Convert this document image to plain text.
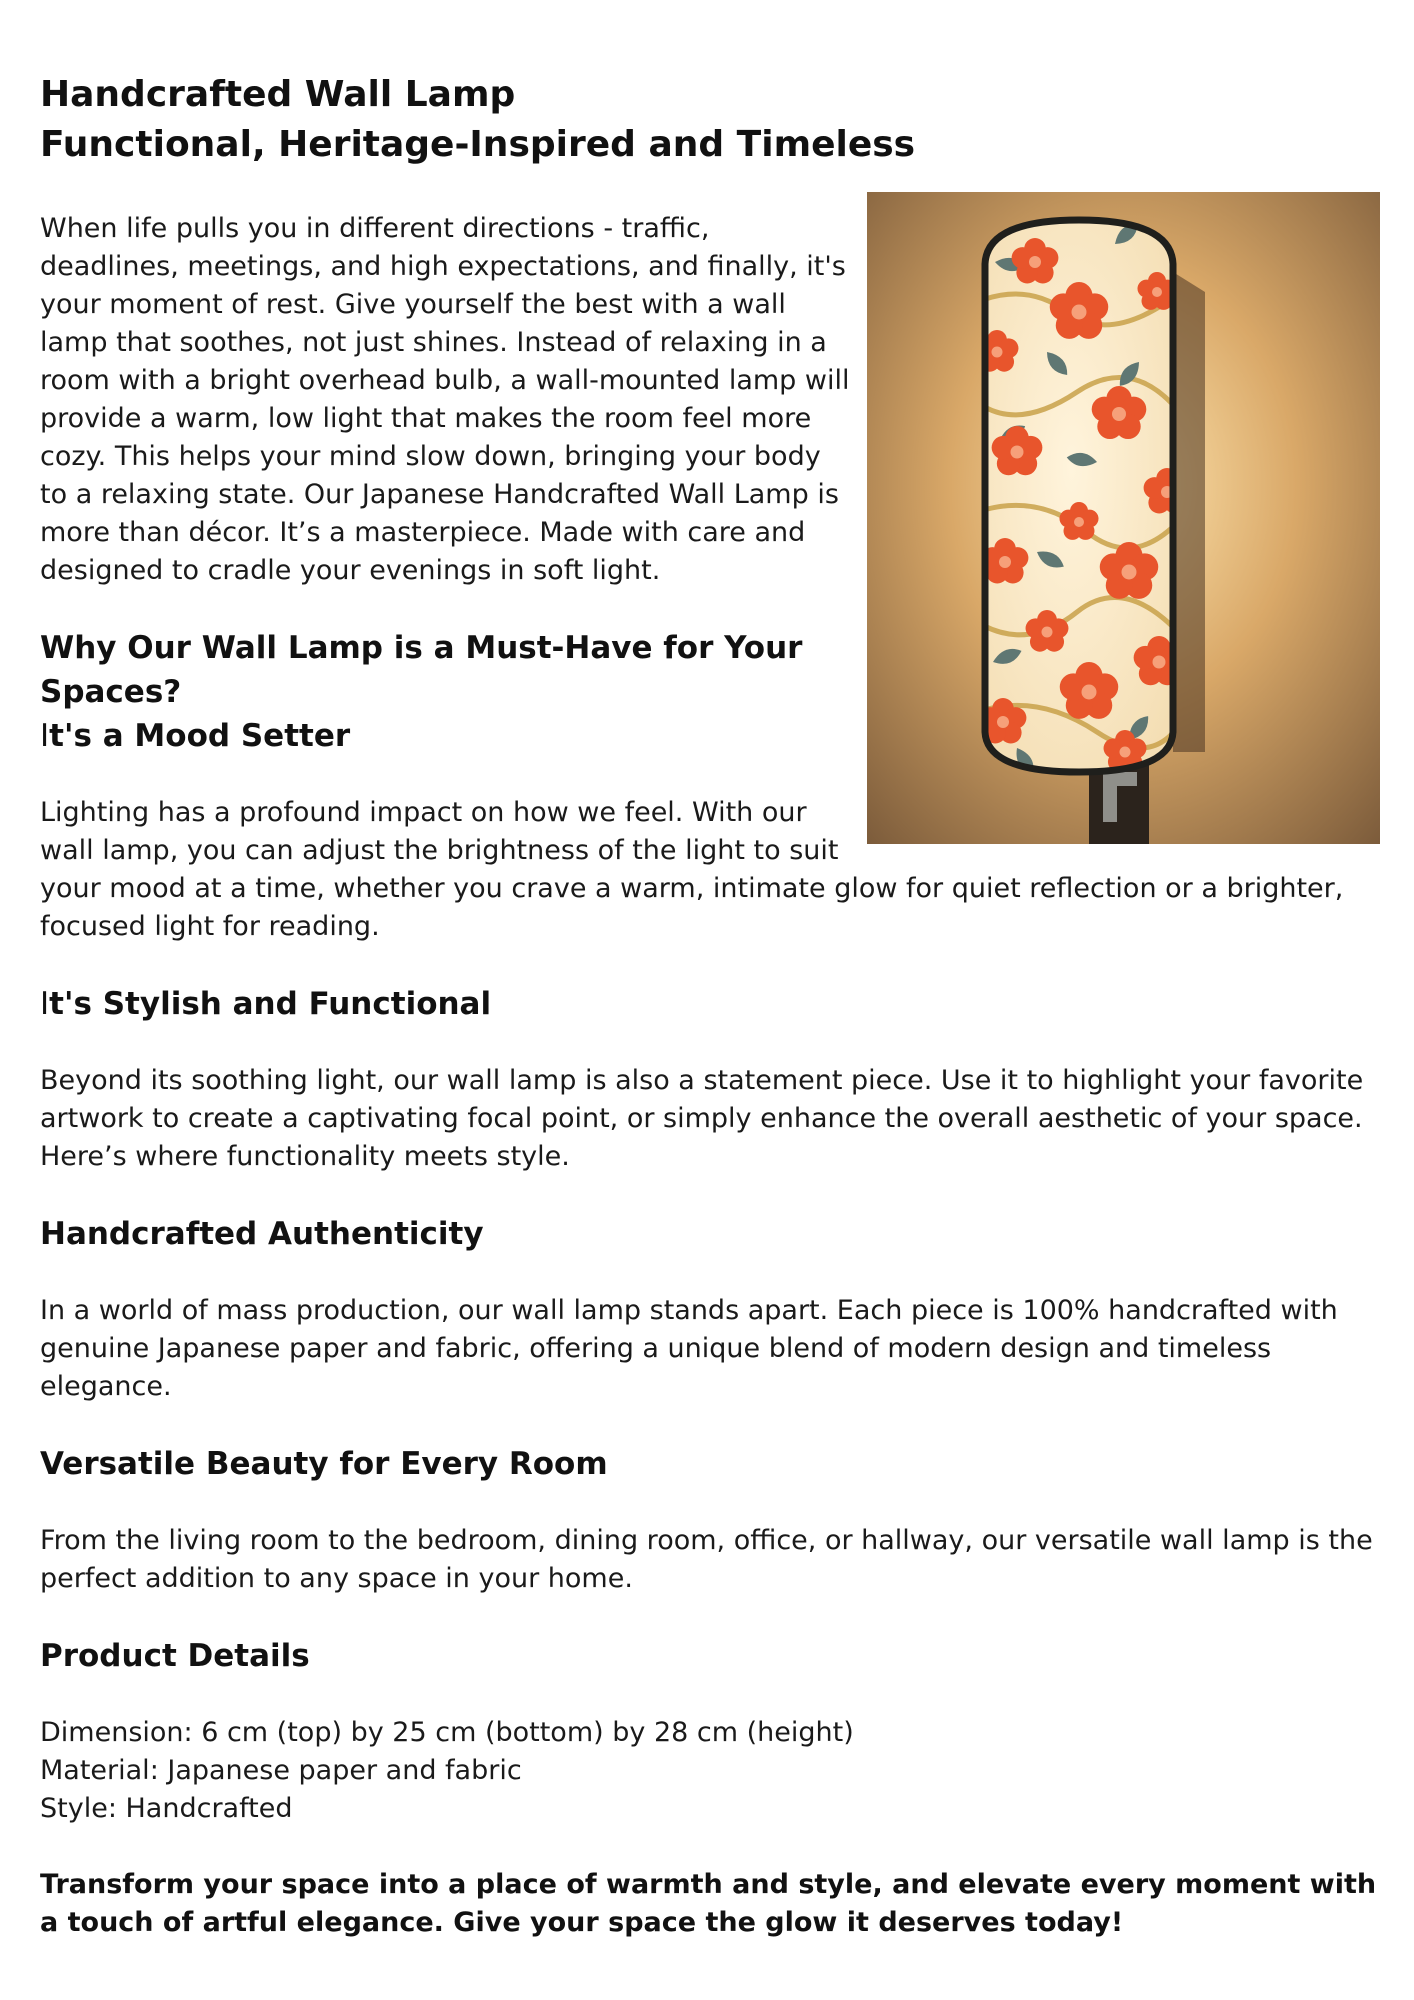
Handcrafted Wall Lamp
Functional, Heritage-Inspired and Timeless

When life pulls you in different directions - traffic, deadlines, meetings, and high expectations, and finally, it's your moment of rest. Give yourself the best with a wall lamp that soothes, not just shines. Instead of relaxing in a room with a bright overhead bulb, a wall-mounted lamp will provide a warm, low light that makes the room feel more cozy. This helps your mind slow down, bringing your body to a relaxing state. Our Japanese Handcrafted Wall Lamp is more than décor. It’s a masterpiece. Made with care and designed to cradle your evenings in soft light.

Why Our Wall Lamp is a Must-Have for Your Spaces?
It's a Mood Setter

Lighting has a profound impact on how we feel. With our wall lamp, you can adjust the brightness of the light to suit your mood at a time, whether you crave a warm, intimate glow for quiet reflection or a brighter, focused light for reading.

It's Stylish and Functional

Beyond its soothing light, our wall lamp is also a statement piece. Use it to highlight your favorite artwork to create a captivating focal point, or simply enhance the overall aesthetic of your space. Here’s where functionality meets style.

Handcrafted Authenticity

In a world of mass production, our wall lamp stands apart. Each piece is 100% handcrafted with genuine Japanese paper and fabric, offering a unique blend of modern design and timeless elegance.

Versatile Beauty for Every Room

From the living room to the bedroom, dining room, office, or hallway, our versatile wall lamp is the perfect addition to any space in your home.

Product Details

Dimension: 6 cm (top) by 25 cm (bottom) by 28 cm (height)
Material: Japanese paper and fabric
Style: Handcrafted

Transform your space into a place of warmth and style, and elevate every moment with a touch of artful elegance. Give your space the glow it deserves today!
